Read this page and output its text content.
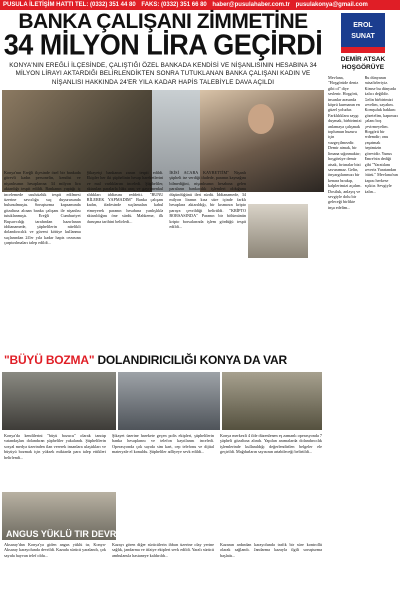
PUSULA İLETİŞİM HATTI TEL: (0332) 351 44 80 FAKS: (0332) 351 66 80 haber@pusulahaber.com.tr pusulakonya@gmail.com
BANKA ÇALIŞANI ZİMMETİNE
34 MİLYON LİRA GEÇİRDİ

KONYA'NIN EREĞLİ İLÇESİNDE, ÇALIŞTIĞI ÖZEL BANKADA KENDİSİ VE NİŞANLISININ HESABINA 34 MİLYON LİRAYI AKTARDIĞI BELİRLENDİKTEN SONRA TUTUKLANAN BANKA ÇALIŞANI KADIN VE NİŞANLISI HAKKINDA 24'ER YILA KADAR HAPİS TALEBİYLE DAVA AÇILDI

Konya'nın Ereğli ilçesinde özel bir bankada görevli kadın personelin, kendisi ve nişanlısının hesaplarına 34 milyon lira aktardığı tespit edildi. Bankanın yaptığı iç incelemede usulsüzlük tespit edilmesi üzerine savcılığa suç duyurusunda bulunulmuştu. Soruşturma kapsamında gözaltına alınan banka çalışanı ile nişanlısı tutuklanmıştı. Ereğli Cumhuriyet Başsavcılığı tarafından hazırlanan iddianamede, şüphelilerin nitelikli dolandırıcılık ve güveni kötüye kullanma suçlarından 24'er yıla kadar hapis cezasına çarptırılmaları talep edildi...
Şikayetçi bankanın zararı tespit edildi. Ekipler her iki şüphelinin hesap hareketlerini ve mal varlıklarını inceledi. Şüpheliler, aktarılan paralarla lüks araç ve gayrimenkul aldıkları iddiasını reddetti. "BUNU BİLEREK YAPMADIM" Banka çalışanı kadın, ifadesinde suçlamaları kabul etmeyerek paranın hesabına yanlışlıkla aktarıldığını öne sürdü. Mahkeme, ilk duruşma tarihini belirledi...
İKİSİ ACABA KAYBETTİM" Nişanlı şüpheli ise verdiği ifadede, paranın kaynağını bilmediğini, nişanlısının hesabına gelen paraların bankacılık işlemleri olduğunu düşündüğünü ileri sürdü. İddianamede, 34 milyon liranın kısa süre içinde farklı hesaplara aktarıldığı, bir kısmının kripto paraya çevrildiği belirtildi. "KRİPTO BORSASINDA" Paranın bir bölümünün kripto borsalarında işlem gördüğü tespit edildi...
"BÜYÜ BOZMA" DOLANDIRICILIĞI KONYA DA VAR
Konya'da kendilerini "büyü bozucu" olarak tanıtıp vatandaşları dolandıran şüpheliler yakalandı. Şüphelilerin sosyal medya üzerinden ilan vererek insanlara ulaştıkları ve büyüyü bozmak için yüksek miktarda para talep ettikleri belirlendi...
Şikayet üzerine harekete geçen polis ekipleri, şüphelilerin banka hesaplarını ve telefon kayıtlarını inceledi. Operasyonda çok sayıda sim kart, cep telefonu ve dijital materyale el konuldu. Şüpheliler adliyeye sevk edildi...
Konya merkezli 4 ilde düzenlenen eş zamanlı operasyonda 7 şüpheli gözaltına alındı. Yapılan aramalarda dolandırıcılık işlemlerinde kullanıldığı değerlendirilen belgeler ele geçirildi. Mağdurların sayısının artabileceği belirtildi...
ANGUS YÜKLÜ TIR DEVRİLDİ
Aksaray'dan Konya'ya giden angus yüklü tır, Konya-Aksaray karayolunda devrildi. Kazada sürücü yaralandı, çok sayıda hayvan telef oldu...
Kazayı gören diğer sürücülerin ihbarı üzerine olay yerine sağlık, jandarma ve itfaiye ekipleri sevk edildi. Yaralı sürücü ambulansla hastaneye kaldırıldı...
Kazanın ardından karayolunda trafik bir süre kontrollü olarak sağlandı. Jandarma kazayla ilgili soruşturma başlattı...
EROL
SUNAT
DEMİR ATSAK HOŞGÖRÜYE
Mevlana, "Hoşgörüde deniz gibi ol" diye seslenir. Hoşgörü, insanlar arasında köprü kurmanın en güzel yoludur. Farklılıklara saygı duymak, birbirimizi anlamaya çalışmak toplumun huzuru için vazgeçilmezdir. Demir atmak, bir limana sığınmaktır; hoşgörüye demir atsak, fırtınalar bizi savuramaz. Gelin, önyargılarımızı bir kenara bırakıp, kalplerimizi açalım. Dostluk, anlayış ve sevgiyle dolu bir geleceği birlikte inşa edelim...
Bu dünyanın misafirleriyiz. Kimse bu dünyada kalıcı değildir. Gelin birbirimizi sevelim, sayalım. Komşuluk hakkını gözetelim, kapımızı çalanı boş çevirmeyelim. Hoşgörü bir erdemdir; onu yaşatmak hepimizin görevidir. Yunus Emre'nin dediği gibi "Yaratılanı severiz Yaratandan ötürü." Mevlana'nın kapısı herkese açıktır. Sevgiyle kalın...
